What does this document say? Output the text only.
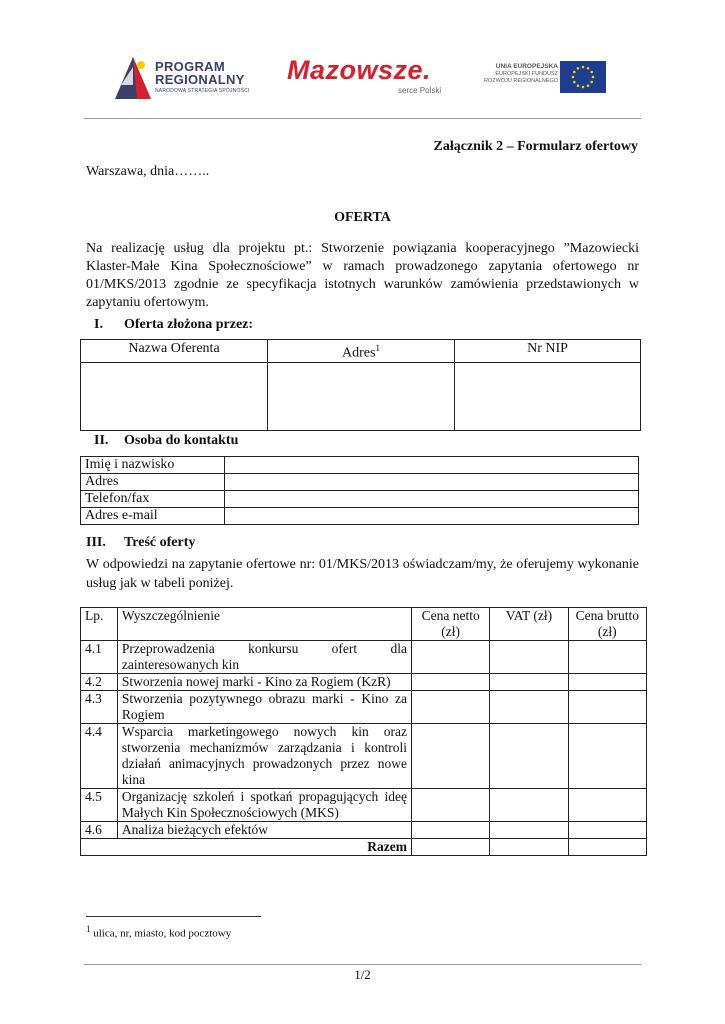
PROGRAM
REGIONALNY
NARODOWA STRATEGIA SPÓJNOŚCI
Mazowsze.
serce Polski
UNIA EUROPEJSKA
EUROPEJSKI FUNDUSZ
ROZWOJU REGIONALNEGO
Załącznik 2 – Formularz ofertowy
Warszawa, dnia……..
OFERTA
Na realizację usług dla projektu pt.: Stworzenie powiązania kooperacyjnego ”Mazowiecki Klaster-Małe Kina Społecznościowe” w ramach prowadzonego zapytania ofertowego nr 01/MKS/2013 zgodnie ze specyfikacja istotnych warunków zamówienia przedstawionych w zapytaniu ofertowym.
I. Oferta złożona przez:
Nazwa Oferenta	Adres$^1$	Nr NIP

II. Osoba do kontaktu
Imię i nazwisko	
Adres	
Telefon/fax	
Adres e-mail	
III. Treść oferty
W odpowiedzi na zapytanie ofertowe nr: 01/MKS/2013 oświadczam/my, że oferujemy wykonanie usług jak w tabeli poniżej.
Lp.	Wyszczególnienie	Cena netto (zł)	VAT (zł)	Cena brutto (zł)
4.1	Przeprowadzenia konkursu ofert dla zainteresowanych kin			
4.2	Stworzenia nowej marki - Kino za Rogiem (KzR)			
4.3	Stworzenia pozytywnego obrazu marki - Kino za Rogiem			
4.4	Wsparcia marketingowego nowych kin oraz stworzenia mechanizmów zarządzania i kontroli działań animacyjnych prowadzonych przez nowe kina			
4.5	Organizację szkoleń i spotkań propagujących ideę Małych Kin Społecznościowych (MKS)			
4.6	Analiza bieżących efektów			
Razem				
$^1$ ulica, nr, miasto, kod pocztowy
1/2
